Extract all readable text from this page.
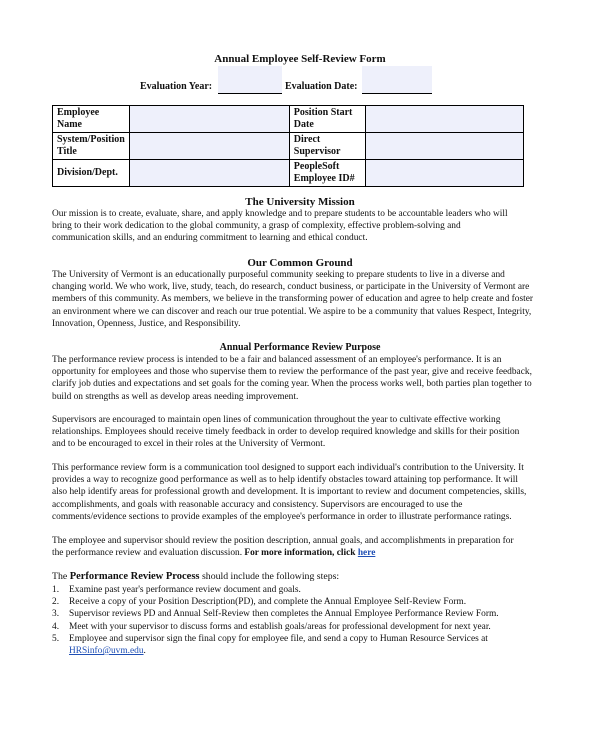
Annual Employee Self-Review Form
Evaluation Year:	Evaluation Date:
Employee Name		Position Start Date	
System/Position Title		Direct Supervisor	
Division/Dept.		PeopleSoft Employee ID#	
The University Mission
Our mission is to create, evaluate, share, and apply knowledge and to prepare students to be accountable leaders who will
bring to their work dedication to the global community, a grasp of complexity, effective problem-solving and
communication skills, and an enduring commitment to learning and ethical conduct.
Our Common Ground
The University of Vermont is an educationally purposeful community seeking to prepare students to live in a diverse and
changing world. We who work, live, study, teach, do research, conduct business, or participate in the University of Vermont are
members of this community. As members, we believe in the transforming power of education and agree to help create and foster
an environment where we can discover and reach our true potential. We aspire to be a community that values Respect, Integrity,
Innovation, Openness, Justice, and Responsibility.
Annual Performance Review Purpose
The performance review process is intended to be a fair and balanced assessment of an employee's performance. It is an
opportunity for employees and those who supervise them to review the performance of the past year, give and receive feedback,
clarify job duties and expectations and set goals for the coming year. When the process works well, both parties plan together to
build on strengths as well as develop areas needing improvement.
Supervisors are encouraged to maintain open lines of communication throughout the year to cultivate effective working
relationships. Employees should receive timely feedback in order to develop required knowledge and skills for their position
and to be encouraged to excel in their roles at the University of Vermont.
This performance review form is a communication tool designed to support each individual's contribution to the University. It
provides a way to recognize good performance as well as to help identify obstacles toward attaining top performance. It will
also help identify areas for professional growth and development. It is important to review and document competencies, skills,
accomplishments, and goals with reasonable accuracy and consistency. Supervisors are encouraged to use the
comments/evidence sections to provide examples of the employee's performance in order to illustrate performance ratings.
The employee and supervisor should review the position description, annual goals, and accomplishments in preparation for
the performance review and evaluation discussion. For more information, click here
The Performance Review Process should include the following steps:
1. Examine past year's performance review document and goals.
2. Receive a copy of your Position Description(PD), and complete the Annual Employee Self-Review Form.
3. Supervisor reviews PD and Annual Self-Review then completes the Annual Employee Performance Review Form.
4. Meet with your supervisor to discuss forms and establish goals/areas for professional development for next year.
5. Employee and supervisor sign the final copy for employee file, and send a copy to Human Resource Services at
HRSinfo@uvm.edu.
